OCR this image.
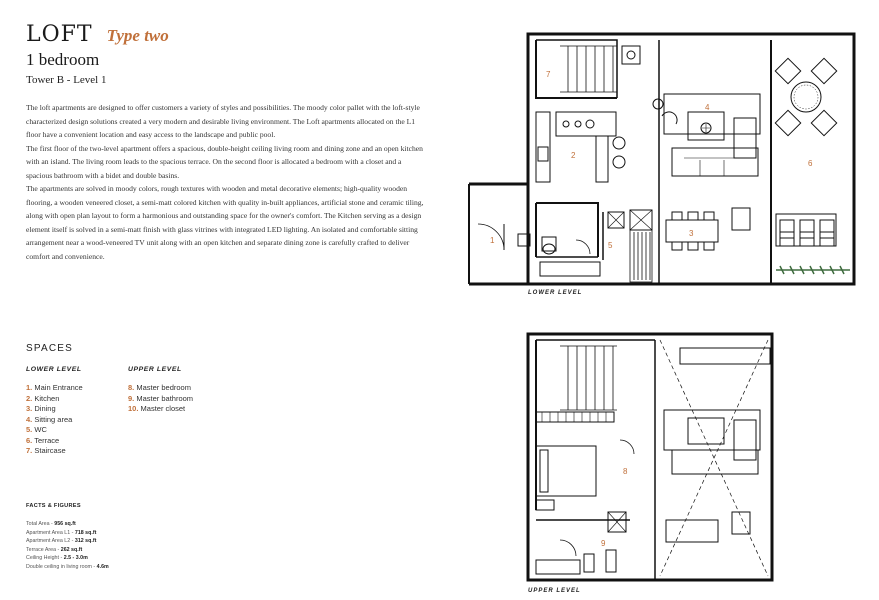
LOFT Type two
1 bedroom
Tower B - Level 1

The loft apartments are designed to offer customers a variety of styles and possibilities. The moody color pallet with the loft-style characterized design solutions created a very modern and desirable living environment. The Loft apartments allocated on the L1 floor have a convenient location and easy access to the landscape and public pool.

The first floor of the two-level apartment offers a spacious, double-height ceiling living room and dining zone and an open kitchen with an island. The living room leads to the spacious terrace. On the second floor is allocated a bedroom with a closet and a spacious bathroom with a bidet and double basins.

The apartments are solved in moody colors, rough textures with wooden and metal decorative elements; high-quality wooden flooring, a wooden veneered closet, a semi-matt colored kitchen with quality in-built appliances, artificial stone and ceramic tiling, along with open plan layout to form a harmonious and outstanding space for the owner's comfort. The Kitchen serving as a design element itself is solved in a semi-matt finish with glass vitrines with integrated LED lighting. An isolated and comfortable sitting arrangement near a wood-veneered TV unit along with an open kitchen and separate dining zone is carefully crafted to deliver comfort and convenience.

SPACES
LOWER LEVEL	UPPER LEVEL
1. Main Entrance
2. Kitchen
3. Dining
4. Sitting area
5. WC
6. Terrace
7. Staircase
8. Master bedroom
9. Master bathroom
10. Master closet
FACTS & FIGURES
Total Area - 956 sq.ft
Apartment Area L1 - 718 sq.ft
Apartment Area L2 - 312 sq.ft
Terrace Area - 262 sq.ft
Ceiling Height - 2.5 - 3.0m
Double ceiling in living room - 4.6m
7
2
4
6
3
5
1
8
9
LOWER LEVEL
UPPER LEVEL
